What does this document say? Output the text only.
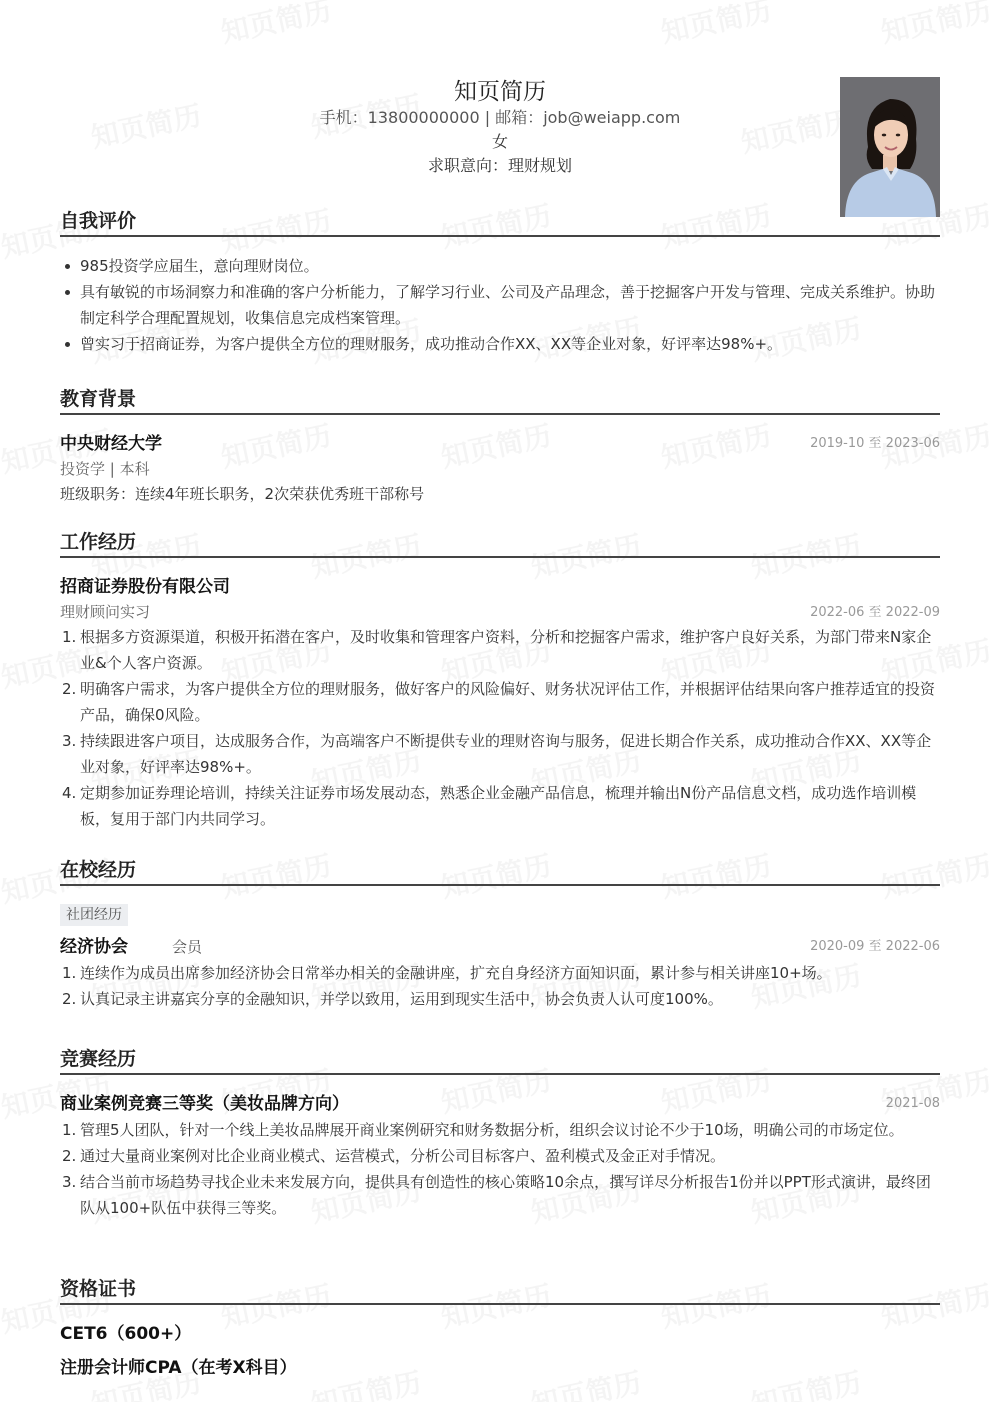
知页简历
手机：13800000000 | 邮箱：job@weiapp.com
女
求职意向：理财规划
自我评价
985投资学应届生，意向理财岗位。
具有敏锐的市场洞察力和准确的客户分析能力，了解学习行业、公司及产品理念，善于挖掘客户开发与管理、完成关系维护。协助制定科学合理配置规划，收集信息完成档案管理。
曾实习于招商证券，为客户提供全方位的理财服务，成功推动合作XX、XX等企业对象，好评率达98%+。
教育背景
中央财经大学	2019-10 至 2023-06
投资学 | 本科
班级职务：连续4年班长职务，2次荣获优秀班干部称号
工作经历
招商证券股份有限公司
理财顾问实习	2022-06 至 2022-09
1. 根据多方资源渠道，积极开拓潜在客户，及时收集和管理客户资料，分析和挖掘客户需求，维护客户良好关系，为部门带来N家企业&个人客户资源。
2. 明确客户需求，为客户提供全方位的理财服务，做好客户的风险偏好、财务状况评估工作，并根据评估结果向客户推荐适宜的投资产品，确保0风险。
3. 持续跟进客户项目，达成服务合作，为高端客户不断提供专业的理财咨询与服务，促进长期合作关系，成功推动合作XX、XX等企业对象，好评率达98%+。
4. 定期参加证券理论培训，持续关注证券市场发展动态，熟悉企业金融产品信息，梳理并输出N份产品信息文档，成功选作培训模板，复用于部门内共同学习。
在校经历
社团经历
经济协会	会员	2020-09 至 2022-06
1. 连续作为成员出席参加经济协会日常举办相关的金融讲座，扩充自身经济方面知识面，累计参与相关讲座10+场。
2. 认真记录主讲嘉宾分享的金融知识，并学以致用，运用到现实生活中，协会负责人认可度100%。
竞赛经历
商业案例竞赛三等奖（美妆品牌方向）	2021-08
1. 管理5人团队，针对一个线上美妆品牌展开商业案例研究和财务数据分析，组织会议讨论不少于10场，明确公司的市场定位。
2. 通过大量商业案例对比企业商业模式、运营模式，分析公司目标客户、盈利模式及金正对手情况。
3. 结合当前市场趋势寻找企业未来发展方向，提供具有创造性的核心策略10余点，撰写详尽分析报告1份并以PPT形式演讲，最终团队从100+队伍中获得三等奖。
资格证书
CET6（600+）
注册会计师CPA（在考X科目）
